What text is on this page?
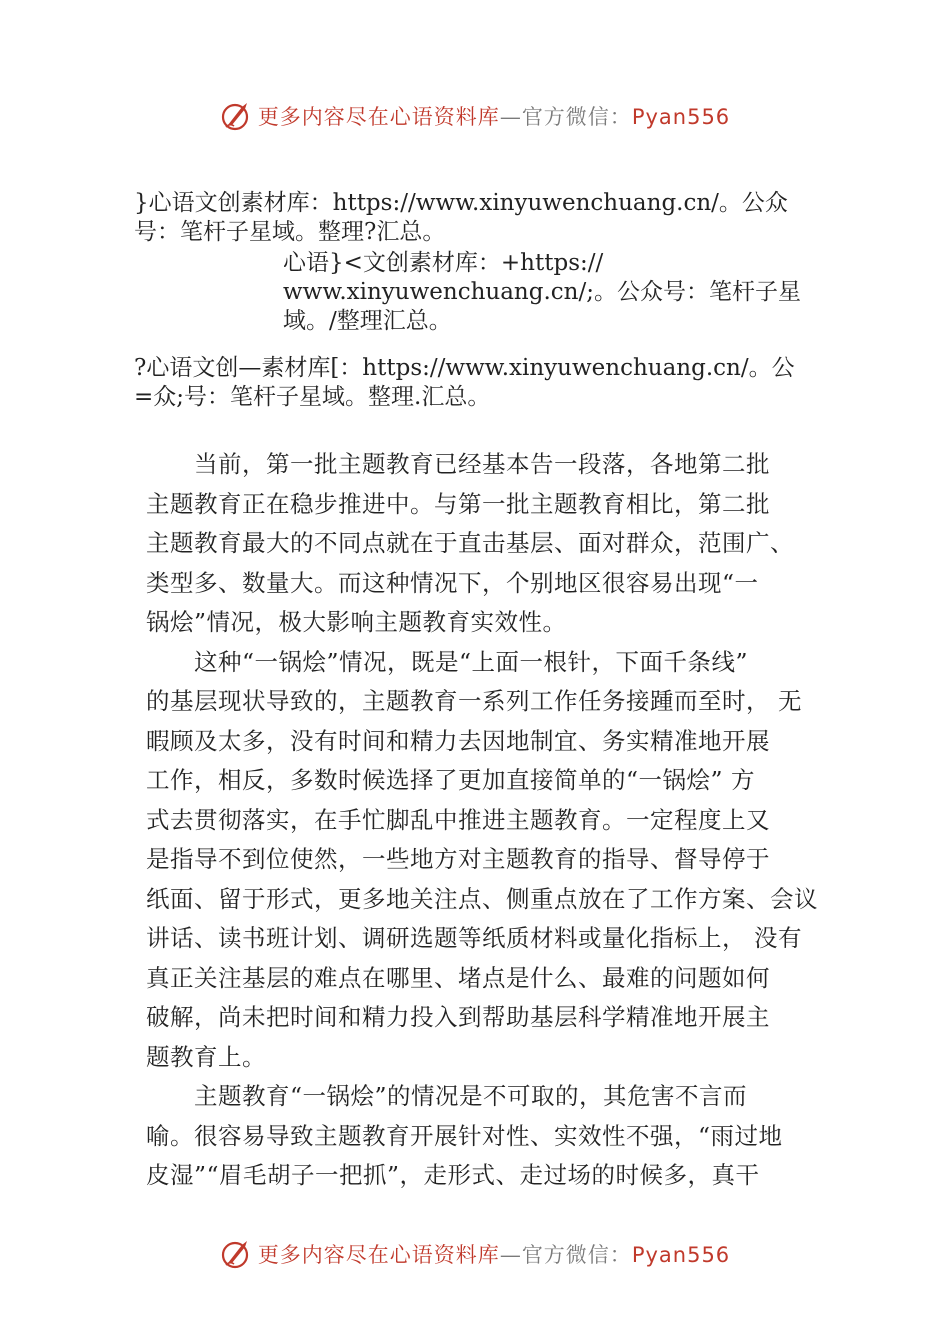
更多内容尽在心语资料库—官方微信：Pyan556
}心语文创素材库：https://www.xinyuwenchuang.cn/。公众
号：笔杆子星域。整理?汇总。
心语}<文创素材库：+https://
www.xinyuwenchuang.cn/;。公众号：笔杆子星
域。/整理汇总。
?心语文创—素材库[：https://www.xinyuwenchuang.cn/。公
=众;号：笔杆子星域。整理.汇总。
　　当前，第一批主题教育已经基本告一段落，各地第二批
主题教育正在稳步推进中。与第一批主题教育相比，第二批
主题教育最大的不同点就在于直击基层、面对群众，范围广、
类型多、数量大。而这种情况下，个别地区很容易出现“一
锅烩”情况，极大影响主题教育实效性。
　　这种“一锅烩”情况，既是“上面一根针，下面千条线”
的基层现状导致的，主题教育一系列工作任务接踵而至时， 无
暇顾及太多，没有时间和精力去因地制宜、务实精准地开展
工作，相反，多数时候选择了更加直接简单的“一锅烩” 方
式去贯彻落实，在手忙脚乱中推进主题教育。一定程度上又
是指导不到位使然，一些地方对主题教育的指导、督导停于
纸面、留于形式，更多地关注点、侧重点放在了工作方案、会议
讲话、读书班计划、调研选题等纸质材料或量化指标上， 没有
真正关注基层的难点在哪里、堵点是什么、最难的问题如何
破解，尚未把时间和精力投入到帮助基层科学精准地开展主
题教育上。
　　主题教育“一锅烩”的情况是不可取的，其危害不言而
喻。很容易导致主题教育开展针对性、实效性不强，“雨过地
皮湿”“眉毛胡子一把抓”，走形式、走过场的时候多，真干
更多内容尽在心语资料库—官方微信：Pyan556
